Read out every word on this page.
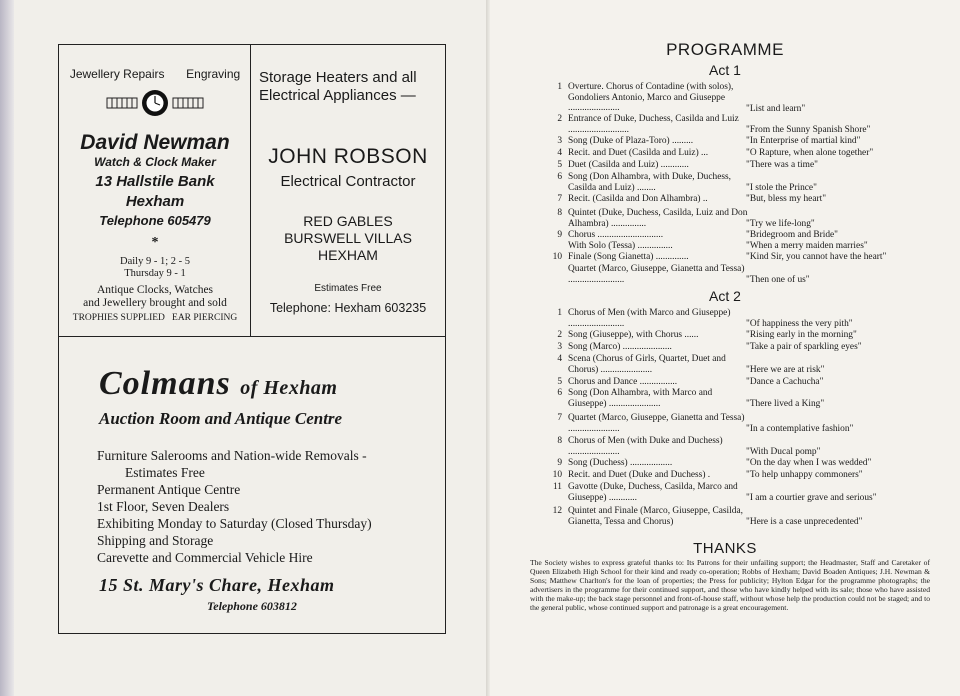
Jewellery Repairs Engraving
David Newman
Watch & Clock Maker
13 Hallstile Bank
Hexham
Telephone 605479
*
Daily 9 - 1; 2 - 5
Thursday 9 - 1
Antique Clocks, Watches
and Jewellery brought and sold
TROPHIES SUPPLIED   EAR PIERCING
Storage Heaters and all
Electrical Appliances —
JOHN ROBSON
Electrical Contractor
RED GABLES
BURSWELL VILLAS
HEXHAM
Estimates Free
Telephone: Hexham 603235
Colmans of Hexham
Auction Room and Antique Centre
Furniture Salerooms and Nation-wide Removals -
Estimates Free
Permanent Antique Centre
1st Floor, Seven Dealers
Exhibiting Monday to Saturday (Closed Thursday)
Shipping and Storage
Carevette and Commercial Vehicle Hire
15 St. Mary's Chare, Hexham
Telephone 603812
PROGRAMME
Act 1
1 Overture. Chorus of Contadine (with solos), Gondoliers Antonio, Marco and Giuseppe ......................	"List and learn"
2 Entrance of Duke, Duchess, Casilda and Luiz ..........................	"From the Sunny Spanish Shore"
3 Song (Duke of Plaza-Toro) .........	"In Enterprise of martial kind"
4 Recit. and Duet (Casilda and Luiz) ...	"O Rapture, when alone together"
5 Duet (Casilda and Luiz) ............	"There was a time"
6 Song (Don Alhambra, with Duke, Duchess, Casilda and Luiz) ........	"I stole the Prince"
7 Recit. (Casilda and Don Alhambra) ..	"But, bless my heart"
8 Quintet (Duke, Duchess, Casilda, Luiz and Don Alhambra) ...............	"Try we life-long"
9 Chorus ............................	"Bridegroom and Bride"
With Solo (Tessa) ...............	"When a merry maiden marries"
10 Finale (Song Gianetta) ..............	"Kind Sir, you cannot have the heart"
Quartet (Marco, Giuseppe, Gianetta and Tessa) ........................	"Then one of us"
Act 2
1 Chorus of Men (with Marco and Giuseppe) ........................	"Of happiness the very pith"
2 Song (Giuseppe), with Chorus ......	"Rising early in the morning"
3 Song (Marco) .....................	"Take a pair of sparkling eyes"
4 Scena (Chorus of Girls, Quartet, Duet and Chorus) ......................	"Here we are at risk"
5 Chorus and Dance ................	"Dance a Cachucha"
6 Song (Don Alhambra, with Marco and Giuseppe) ......................	"There lived a King"
7 Quartet (Marco, Giuseppe, Gianetta and Tessa) ......................	"In a contemplative fashion"
8 Chorus of Men (with Duke and Duchess) ......................	"With Ducal pomp"
9 Song (Duchess) ..................	"On the day when I was wedded"
10 Recit. and Duet (Duke and Duchess) .	"To help unhappy commoners"
11 Gavotte (Duke, Duchess, Casilda, Marco and Giuseppe) ............	"I am a courtier grave and serious"
12 Quintet and Finale (Marco, Giuseppe, Casilda, Gianetta, Tessa and Chorus)	"Here is a case unprecedented"
THANKS
The Society wishes to express grateful thanks to: Its Patrons for their unfailing support; the Headmaster, Staff and Caretaker of Queen Elizabeth High School for their kind and ready co-operation; Robbs of Hexham; David Boaden Antiques; J.H. Newman & Sons; Matthew Charlton's for the loan of properties; the Press for publicity; Hylton Edgar for the programme photographs; the advertisers in the programme for their continued support, and those who have kindly helped with its sale; those who have assisted with the make-up; the back stage personnel and front-of-house staff, without whose help the production could not be staged; and to the general public, whose continued support and patronage is a great encouragement.
